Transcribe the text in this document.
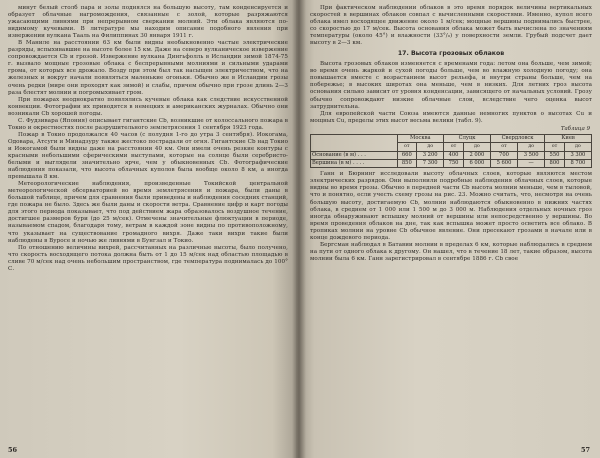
минут белый столб пара и золы поднялся на большую высоту, там конденсируется и образует облачные нагромождения, связанные с золой, которые разряжаются ужасающими ливнями при непрерывном сверкании молний. Эти облака являются по-видимому кучевыми. В литературе мы находим описание подобного явления при извержении вулкана Тааль на Филиппинах 30 января 1911 г.

В Маниле на расстоянии 63 км были видны необыкновенно частые электрические разряды, вспыхивавшие на высоте более 15 км. Даже на северо вулканическое извержение сопровождается Сb и грозой. Извержение вулкана Дингьфолль в Исландии зимой 1874-75 г. вызвало мощные грозовые облака с беспрерывными молниями и сильными ударами грома, от которых все дрожало. Возду при этом был так насыщен электричеством, что на железных и вокруг начали появляться маленькие огоньки. Обычно же в Исландии грозы очень редки (мире они проходят как зимой) и слабы, причем обычно при грозе длинь 2—3 раза блестят молнии и погромыхивает гром.

При пожарах неоднократно появлялись кучевые облака как следствие искусственной конвекции. Фотографии их приводятся в немецких и американских журналах. Обычно они возникали Сb хорошей погоды.

С. Фудзивара (Япония) описывает гигантские Сb, возникшие от колоссального пожара в Токио и окрестностях после разрушительного землетрясения 1 сентября 1923 года.

Пожар в Токио продолжался 40 часов (с полудня 1-го до утра 3 сентября). Иокогама, Одовара, Атсуги и Минадзуру также жестоко пострадали от огня. Гигантские Сb над Токио и Иокогамой были видны даже на расстоянии 40 км. Они имели очень резкие контуры с красными небольшими сферическими выступами, которые на солнце были серебристо-белыми и выглядели значительно ярче, чем у обыкновенных Сb. Фотографические наблюдения показали, что высота облачных куполов была вообще около 8 км, а иногда превышала 8 км.

Метеорологические наблюдения, произведенные Токийской центральной метеорологической обсерваторией во время землетрясения и пожара, были даны в большой таблице, причем для сравнения были приведены и наблюдения соседних станций, где пожара не было. Здесь же были даны и скорости ветра. Сравнение цифр и карт погоды для этого периода показывает, что под действием жара образовалось воздушное течение, достигшее размеров бури (до 25 м/сек). Отмечены значительные флюктуации в периоде, называемом спадом, благодаря тому, ветрам в каждой зоне видны по противоположному, что указывает на существование громадного вихря. Даже таки вихри такие были наблюдены в Вуросе и ночью же ливнями в Бунгзал и Токио.

По отношению величины вихрей, рассчитанных на различные высоты, было получено, что скорость восходящего потока должна быть от 1 до 15 м/сек над областью площадью в сливе 70 м/сек над очень небольшим пространством, где температура поднималась до 100° С.

56

При фактическом наблюдении облаков в это время порядок величины вертикальных скоростей в вершинах облаков совпал с вычисленными скоростями. Именно, купол всего облака имел восходящее движение около 1 м/сек; мощные вершины поднимались быстрее, со скоростью до 17 м/сек. Высота основания облака может быть вычислена по значениям температуры (около 45°) и влажности (33°/₀) у поверхности земли. Грубый подсчет дает высоту в 2—3 км.

17. Высота грозовых облаков

Высота грозовых облаков изменяется с временами года: летом она больше, чем зимой; во время очень жаркой и сухой погоды больше, чем во влажную холодную погоду; она повышается вместе с возрастанием высот рельефа, и внутри страны больше, чем на побережье; в высоких широтах она меньше, чем в низких. Для летних гроз высота основания сильно зависит от уровня конденсации, зависящего от начальных условий. Грозу обычно сопровождают низкие облачные слои, вследствие чего оценка высот затруднительна.

Для европейской части Союза имеются данные немногих пунктов о высотах Сu и мощных Сu, пределы этих высот весьма велики (табл. 9).

Таблица 9
	Москва		Слуцк		Свердловск		Киев	
	от	до	от	до	от	до	от	до
Основание (в м) . . .	660	3 200	400	2 000	700	3 500	550	3 300
Вершина (в м) . . . .	850	7 300	750	6 000	5 600	—	800	8 700

Ганн и Бюрнинг исследовали высоту облачных слоев, которые являются местом электрических разрядов. Они выполнили подробные наблюдения облачных слоев, которые видны во время грозы. Обычно в передней части Сb высота молнии меньше, чем в тыловой, что и понятно, если учесть схему грозы на рис. 23. Можно считать, что, несмотря на очень большую высоту, достигаемую Сb, молнии наблюдаются обыкновенно в нижних частях облака, в среднем от 1 000 или 1 500 м до 3 000 м. Наблюдения отдельных ночных гроз иногда обнаруживают вспышку молний от вершины или непосредственно у вершины. Во время проведения облаков на дне, так как вспышка может просто осветить все облако. В тропиках молнии на уровне Сb обычное явление. Они пресекают грозами в начале или в конце дождевого периода.

Бергсман наблюдал в Батавии молнии в пределах 6 км, которые наблюдались в среднем на пути от одного облака к другому. Он нашел, что в течение 18 лет, такие образом, высота молнии была 6 км. Ганн зарегистрировал в сентябре 1886 г. Сb свое

57
